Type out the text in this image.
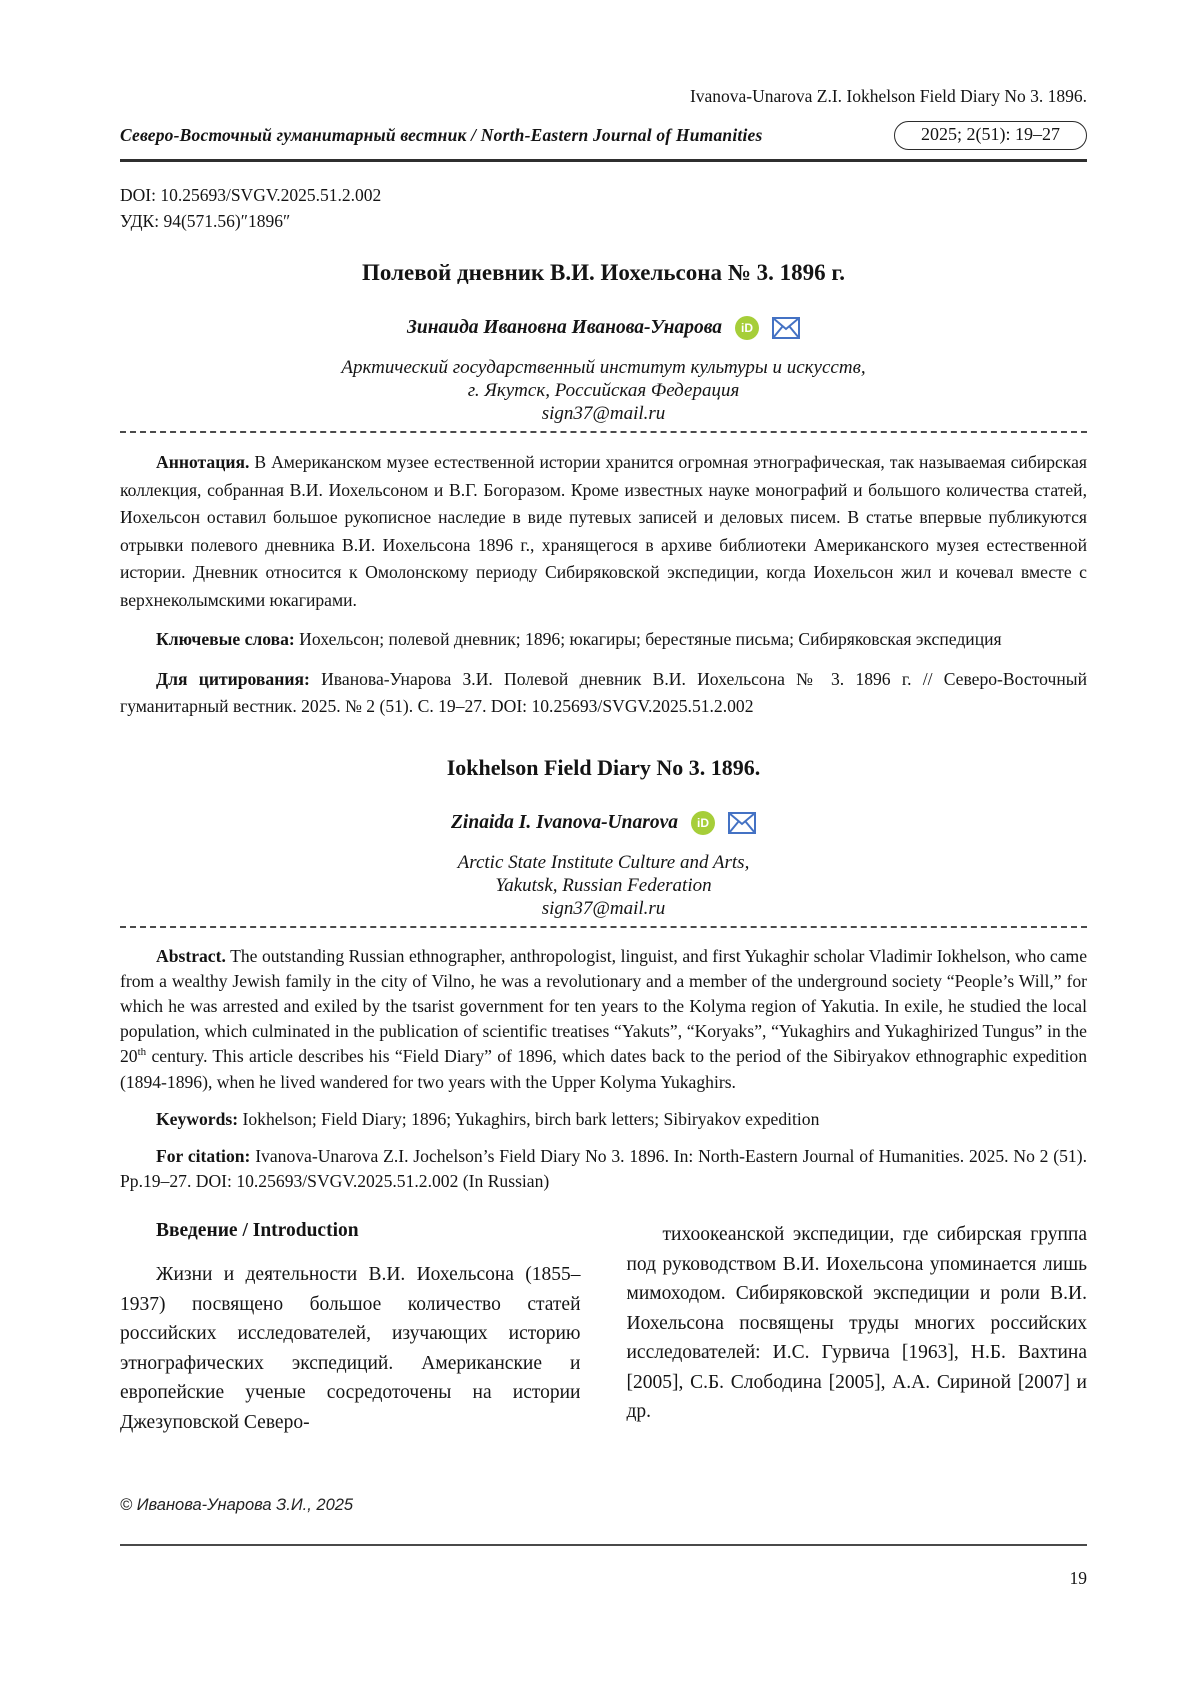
Ivanova-Unarova Z.I. Iokhelson Field Diary No 3. 1896.
Северо-Восточный гуманитарный вестник / North-Eastern Journal of Humanities	2025; 2(51): 19–27
DOI: 10.25693/SVGV.2025.51.2.002
УДК: 94(571.56)″1896″
Полевой дневник В.И. Иохельсона № 3. 1896 г.
Зинаида Ивановна Иванова-Унарова	iD
Арктический государственный институт культуры и искусств,
г. Якутск, Российская Федерация
sign37@mail.ru

Аннотация. В Американском музее естественной истории хранится огромная этнографическая, так называемая сибирская коллекция, собранная В.И. Иохельсоном и В.Г. Богоразом. Кроме известных науке монографий и большого количества статей, Иохельсон оставил большое рукописное наследие в виде путевых записей и деловых писем. В статье впервые публикуются отрывки полевого дневника В.И. Иохельсона 1896 г., хранящегося в архиве библиотеки Американского музея естественной истории. Дневник относится к Омолонскому периоду Сибиряковской экспедиции, когда Иохельсон жил и кочевал вместе с верхнеколымскими юкагирами.

Ключевые слова: Иохельсон; полевой дневник; 1896; юкагиры; берестяные письма; Сибиряковская экспедиция

Для цитирования: Иванова-Унарова З.И. Полевой дневник В.И. Иохельсона № 3. 1896 г. // Северо-Восточный гуманитарный вестник. 2025. № 2 (51). С. 19–27. DOI: 10.25693/SVGV.2025.51.2.002

Iokhelson Field Diary No 3. 1896.
Zinaida I. Ivanova-Unarova	iD
Arctic State Institute Culture and Arts,
Yakutsk, Russian Federation
sign37@mail.ru

Abstract. The outstanding Russian ethnographer, anthropologist, linguist, and first Yukaghir scholar Vladimir Iokhelson, who came from a wealthy Jewish family in the city of Vilno, he was a revolutionary and a member of the underground society “People’s Will,” for which he was arrested and exiled by the tsarist government for ten years to the Kolyma region of Yakutia. In exile, he studied the local population, which culminated in the publication of scientific treatises “Yakuts”, “Koryaks”, “Yukaghirs and Yukaghirized Tungus” in the 20th century. This article describes his “Field Diary” of 1896, which dates back to the period of the Sibiryakov ethnographic expedition (1894-1896), when he lived wandered for two years with the Upper Kolyma Yukaghirs.

Keywords: Iokhelson; Field Diary; 1896; Yukaghirs, birch bark letters; Sibiryakov expedition

For citation: Ivanova-Unarova Z.I. Jochelson’s Field Diary No 3. 1896. In: North-Eastern Journal of Humanities. 2025. No 2 (51). Pp.19–27. DOI: 10.25693/SVGV.2025.51.2.002 (In Russian)

Введение / Introduction

Жизни и деятельности В.И. Иохельсона (1855–1937) посвящено большое количество статей российских исследователей, изучающих историю этнографических экспедиций. Американские и европейские ученые сосредоточены на истории Джезуповской Северо-

тихоокеанской экспедиции, где сибирская группа под руководством В.И. Иохельсона упоминается лишь мимоходом. Сибиряковской экспедиции и роли В.И. Иохельсона посвящены труды многих российских исследователей: И.С. Гурвича [1963], Н.Б. Вахтина [2005], С.Б. Слободина [2005], А.А. Сириной [2007] и др.

© Иванова-Унарова З.И., 2025
19
